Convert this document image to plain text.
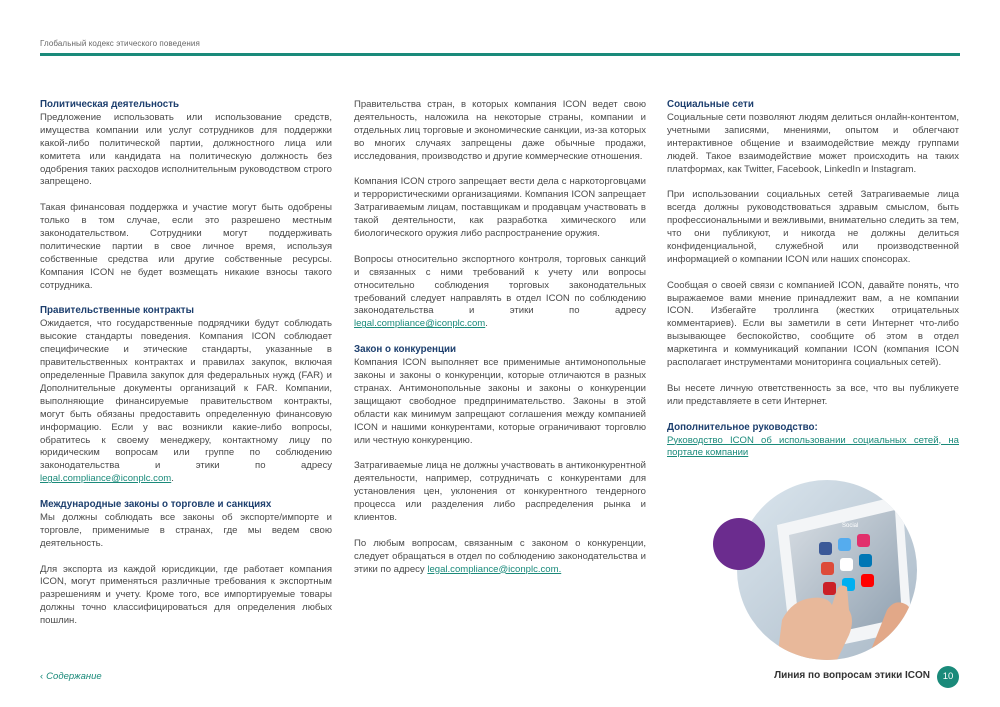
Глобальный кодекс этического поведения
Политическая деятельность

Предложение использовать или использование средств, имущества компании или услуг сотрудников для поддержки какой-либо политической партии, должностного лица или комитета или кандидата на политическую должность без одобрения таких расходов исполнительным руководством строго запрещено.

Такая финансовая поддержка и участие могут быть одобрены только в том случае, если это разрешено местным законодательством. Сотрудники могут поддерживать политические партии в свое личное время, используя собственные средства или другие собственные ресурсы. Компания ICON не будет возмещать никакие взносы такого сотрудника.

Правительственные контракты

Ожидается, что государственные подрядчики будут соблюдать высокие стандарты поведения. Компания ICON соблюдает специфические и этические стандарты, указанные в правительственных контрактах и правилах закупок, включая определенные Правила закупок для федеральных нужд (FAR) и Дополнительные документы организаций к FAR. Компании, выполняющие финансируемые правительством контракты, могут быть обязаны предоставить определенную финансовую информацию. Если у вас возникли какие-либо вопросы, обратитесь к своему менеджеру, контактному лицу по юридическим вопросам или группе по соблюдению законодательства и этики по адресу legal.compliance@iconplc.com.

Международные законы о торговле и санкциях

Мы должны соблюдать все законы об экспорте/импорте и торговле, применимые в странах, где мы ведем свою деятельность.

Для экспорта из каждой юрисдикции, где работает компания ICON, могут применяться различные требования к экспортным разрешениям и учету. Кроме того, все импортируемые товары должны точно классифицироваться для определения любых пошлин.

Правительства стран, в которых компания ICON ведет свою деятельность, наложила на некоторые страны, компании и отдельных лиц торговые и экономические санкции, из-за которых во многих случаях запрещены даже обычные продажи, исследования, производство и другие коммерческие отношения.

Компания ICON строго запрещает вести дела с наркоторговцами и террористическими организациями. Компания ICON запрещает Затрагиваемым лицам, поставщикам и продавцам участвовать в такой деятельности, как разработка химического или биологического оружия либо распространение оружия.

Вопросы относительно экспортного контроля, торговых санкций и связанных с ними требований к учету или вопросы относительно соблюдения торговых законодательных требований следует направлять в отдел ICON по соблюдению законодательства и этики по адресу legal.compliance@iconplc.com.

Закон о конкуренции

Компания ICON выполняет все применимые антимонопольные законы и законы о конкуренции, которые отличаются в разных странах. Антимонопольные законы и законы о конкуренции защищают свободное предпринимательство. Законы в этой области как минимум запрещают соглашения между компанией ICON и нашими конкурентами, которые ограничивают торговлю или честную конкуренцию.

Затрагиваемые лица не должны участвовать в антиконкурентной деятельности, например, сотрудничать с конкурентами для установления цен, уклонения от конкурентного тендерного процесса или разделения либо распределения рынка и клиентов.

По любым вопросам, связанным с законом о конкуренции, следует обращаться в отдел по соблюдению законодательства и этики по адресу legal.compliance@iconplc.com.

Социальные сети

Социальные сети позволяют людям делиться онлайн-контентом, учетными записями, мнениями, опытом и облегчают интерактивное общение и взаимодействие между группами людей. Такое взаимодействие может происходить на таких платформах, как Twitter, Facebook, LinkedIn и Instagram.

При использовании социальных сетей Затрагиваемые лица всегда должны руководствоваться здравым смыслом, быть профессиональными и вежливыми, внимательно следить за тем, что они публикуют, и никогда не должны делиться конфиденциальной, служебной или производственной информацией о компании ICON или наших спонсорах.

Сообщая о своей связи с компанией ICON, давайте понять, что выражаемое вами мнение принадлежит вам, а не компании ICON. Избегайте троллинга (жестких отрицательных комментариев). Если вы заметили в сети Интернет что-либо вызывающее беспокойство, сообщите об этом в отдел маркетинга и коммуникаций компании ICON (компания ICON располагает инструментами мониторинга социальных сетей).

Вы несете личную ответственность за все, что вы публикуете или представляете в сети Интернет.

Дополнительное руководство:

Руководство ICON об использовании социальных сетей, на портале компании

Social
‹ Содержание	Линия по вопросам этики ICON	10
